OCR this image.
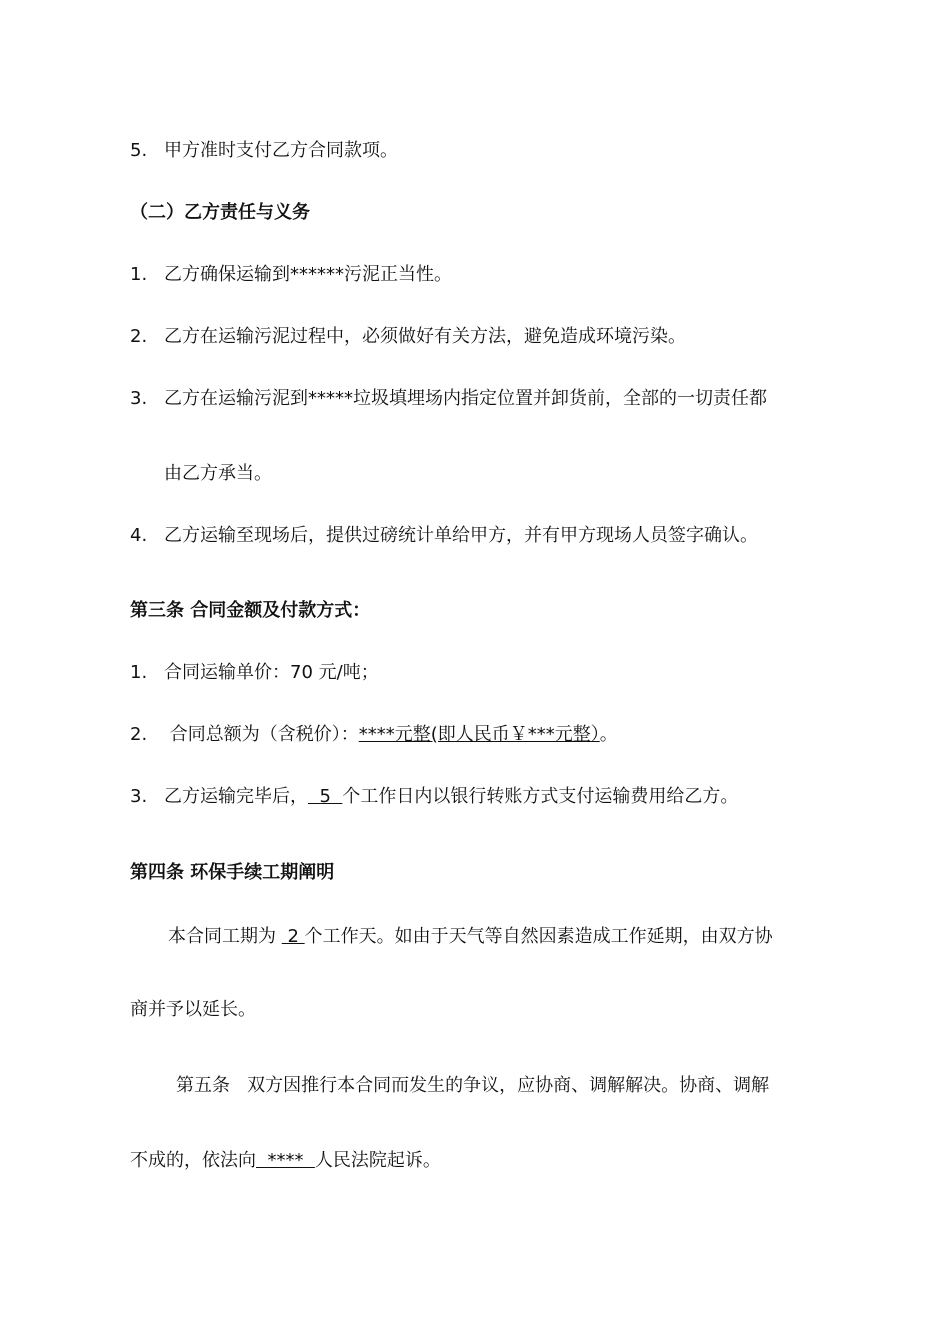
5. 甲方准时支付乙方合同款项。
（二）乙方责任与义务
1. 乙方确保运输到******污泥正当性。
2. 乙方在运输污泥过程中，必须做好有关方法，避免造成环境污染。
3. 乙方在运输污泥到*****垃圾填埋场内指定位置并卸货前，全部的一切责任都
由乙方承当。
4. 乙方运输至现场后，提供过磅统计单给甲方，并有甲方现场人员签字确认。
第三条 合同金额及付款方式：
1. 合同运输单价：70 元/吨；
2. 合同总额为（含税价）：****元整(即人民币￥***元整）。
3. 乙方运输完毕后，  5  个工作日内以银行转账方式支付运输费用给乙方。
第四条 环保手续工期阐明
本合同工期为  2 个工作天。如由于天气等自然因素造成工作延期，由双方协
商并予以延长。
第五条   双方因推行本合同而发生的争议，应协商、调解解决。协商、调解
不成的，依法向  ****  人民法院起诉。
